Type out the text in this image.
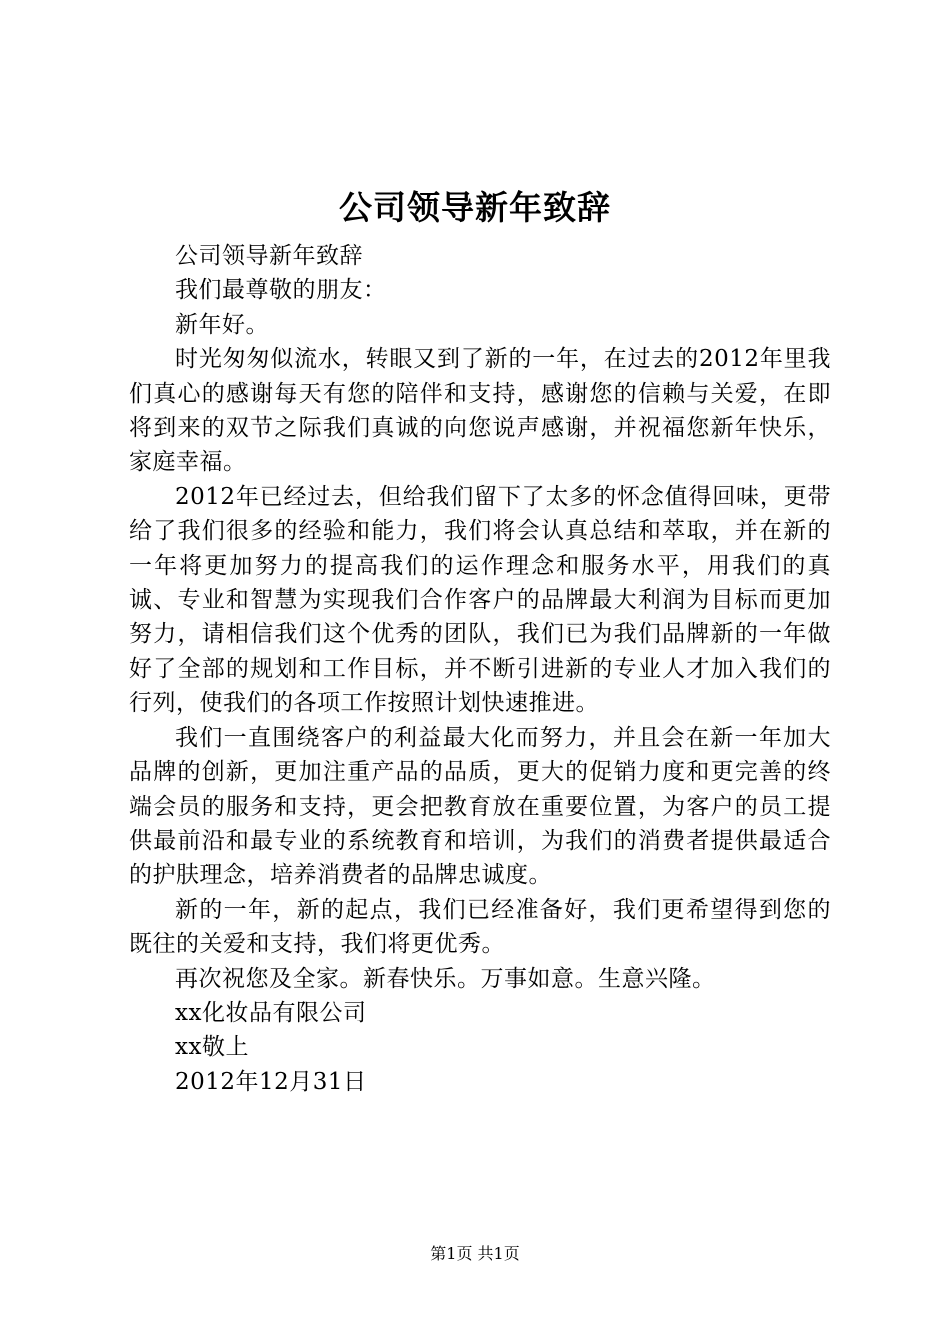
公司领导新年致辞

公司领导新年致辞

我们最尊敬的朋友：

新年好。

时光匆匆似流水，转眼又到了新的一年，在过去的2012年里我们真心的感谢每天有您的陪伴和支持，感谢您的信赖与关爱，在即将到来的双节之际我们真诚的向您说声感谢，并祝福您新年快乐，家庭幸福。

2012年已经过去，但给我们留下了太多的怀念值得回味，更带给了我们很多的经验和能力，我们将会认真总结和萃取，并在新的一年将更加努力的提高我们的运作理念和服务水平，用我们的真诚、专业和智慧为实现我们合作客户的品牌最大利润为目标而更加努力，请相信我们这个优秀的团队，我们已为我们品牌新的一年做好了全部的规划和工作目标，并不断引进新的专业人才加入我们的行列，使我们的各项工作按照计划快速推进。

我们一直围绕客户的利益最大化而努力，并且会在新一年加大品牌的创新，更加注重产品的品质，更大的促销力度和更完善的终端会员的服务和支持，更会把教育放在重要位置，为客户的员工提供最前沿和最专业的系统教育和培训，为我们的消费者提供最适合的护肤理念，培养消费者的品牌忠诚度。

新的一年，新的起点，我们已经准备好，我们更希望得到您的既往的关爱和支持，我们将更优秀。

再次祝您及全家。新春快乐。万事如意。生意兴隆。

xx化妆品有限公司

xx敬上

2012年12月31日

第1页 共1页
